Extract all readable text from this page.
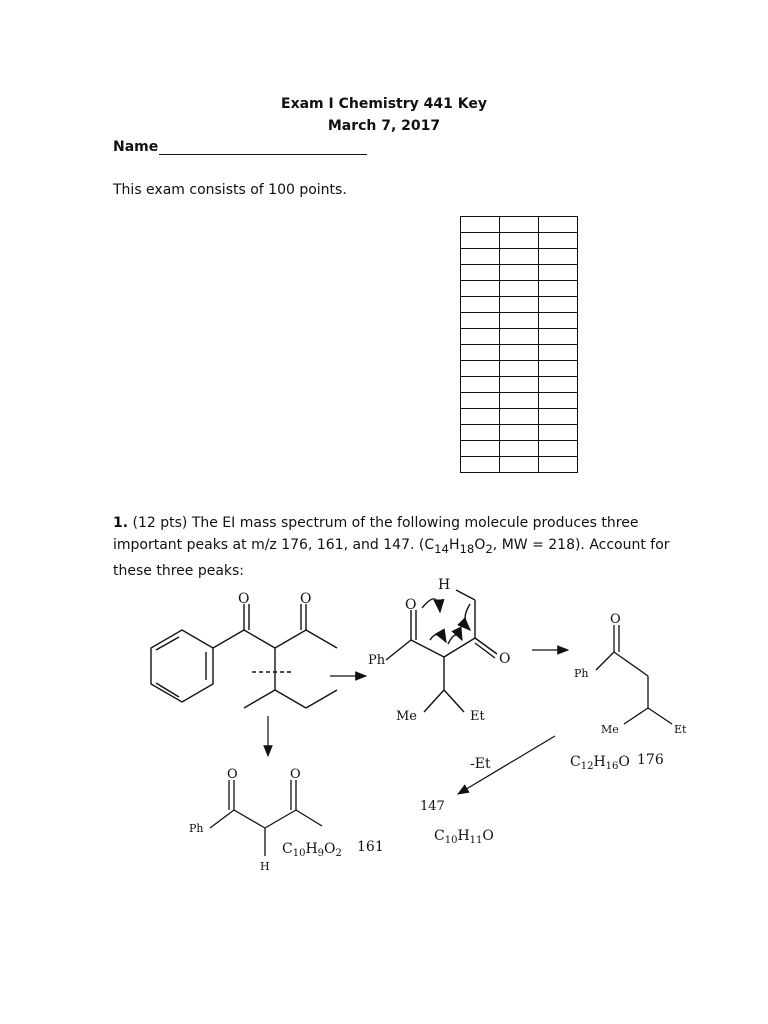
Exam I Chemistry 441 Key
March 7, 2017
Name
This exam consists of 100 points.

1. (12 pts) The EI mass spectrum of the following molecule produces three important peaks at m/z 176, 161, and 147. ($C_{14}H_{18}O_2$, MW = 218). Account for these three peaks:
O	O
H
O
O
Ph
Me	Et
O
Ph
Me	Et
$C_{12}H_{16}O$ 176
-Et
147
$C_{10}H_{11}O$
O	O
Ph
H
$C_{10}H_9O_2$ 161
